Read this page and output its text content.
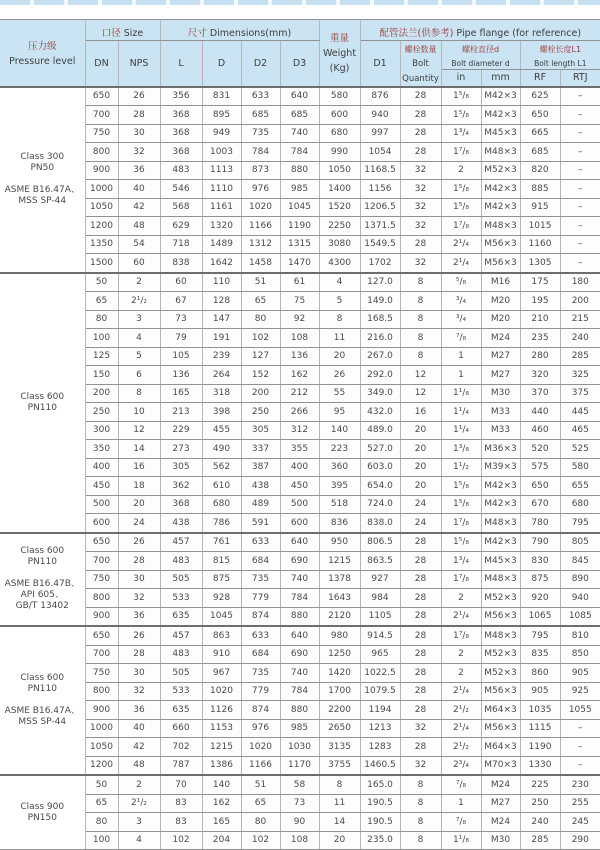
压力级
Pressure level
	口径 Size	尺寸 Dimensions(mm)	
重量
Weight
(Kg)
	配管法兰(供参考) Pipe flange (for reference)
DN	NPS	L	D	D2	D3	D1	
螺栓数量
Bolt
Quantity

螺栓直径d
Bolt diameter d

螺栓长度L1
Bolt length L1

										in	mm	RF	RTJ

Class 300
PN50

ASME B16.47A、
MSS SP-44	650	26	356	831	633	640	580	876	28	1⁵/₈	M42×3	625	–
	700	28	368	895	685	685	600	940	28	1⁵/₈	M42×3	650	–
	750	30	368	949	735	740	680	997	28	1³/₄	M45×3	665	–
	800	32	368	1003	784	784	990	1054	28	1⁷/₈	M48×3	685	–
	900	36	483	1113	873	880	1050	1168.5	32	2	M52×3	820	–
	1000	40	546	1110	976	985	1400	1156	32	1⁵/₈	M42×3	885	–
	1050	42	568	1161	1020	1045	1520	1206.5	32	1⁵/₈	M42×3	915	–
	1200	48	629	1320	1166	1190	2250	1371.5	32	1⁷/₈	M48×3	1015	–
	1350	54	718	1489	1312	1315	3080	1549.5	28	2¹/₄	M56×3	1160	–
	1500	60	838	1642	1458	1470	4300	1702	32	2¹/₄	M56×3	1305	–

Class 600
PN110	50	2	60	110	51	61	4	127.0	8	⁵/₈	M16	175	180
	65	2¹/₂	67	128	65	75	5	149.0	8	³/₄	M20	195	200
	80	3	73	147	80	92	8	168.5	8	³/₄	M20	210	215
	100	4	79	191	102	108	11	216.0	8	⁷/₈	M24	235	240
	125	5	105	239	127	136	20	267.0	8	1	M27	280	285
	150	6	136	264	152	162	26	292.0	12	1	M27	320	325
	200	8	165	318	200	212	55	349.0	12	1¹/₈	M30	370	375
	250	10	213	398	250	266	95	432.0	16	1¹/₄	M33	440	445
	300	12	229	455	305	312	140	489.0	20	1¹/₄	M33	460	465
	350	14	273	490	337	355	223	527.0	20	1³/₈	M36×3	520	525
	400	16	305	562	387	400	360	603.0	20	1¹/₂	M39×3	575	580
	450	18	362	610	438	450	395	654.0	20	1⁵/₈	M42×3	650	655
	500	20	368	680	489	500	518	724.0	24	1⁵/₈	M42×3	670	680
	600	24	438	786	591	600	836	838.0	24	1⁷/₈	M48×3	780	795

Class 600
PN110

ASME B16.47B、
API 605、
GB/T 13402	650	26	457	761	633	640	950	806.5	28	1⁵/₈	M42×3	790	805
	700	28	483	815	684	690	1215	863.5	28	1³/₄	M45×3	830	845
	750	30	505	875	735	740	1378	927	28	1⁷/₈	M48×3	875	890
	800	32	533	928	779	784	1643	984	28	2	M52×3	920	940
	900	36	635	1045	874	880	2120	1105	28	2¹/₄	M56×3	1065	1085

Class 600
PN110

ASME B16.47A、
MSS SP-44	650	26	457	863	633	640	980	914.5	28	1⁷/₈	M48×3	795	810
	700	28	483	910	684	690	1250	965	28	2	M52×3	835	850
	750	30	505	967	735	740	1420	1022.5	28	2	M52×3	860	905
	800	32	533	1020	779	784	1700	1079.5	28	2¹/₄	M56×3	905	925
	900	36	635	1126	874	880	2200	1194	28	2¹/₂	M64×3	1035	1055
	1000	40	660	1153	976	985	2650	1213	32	2¹/₄	M56×3	1115	–
	1050	42	702	1215	1020	1030	3135	1283	28	2¹/₂	M64×3	1190	–
	1200	48	787	1386	1166	1170	3755	1460.5	32	2³/₄	M70×3	1330	–

Class 900
PN150	50	2	70	140	51	58	8	165.0	8	⁷/₈	M24	225	230
	65	2¹/₂	83	162	65	73	11	190.5	8	1	M27	250	255
	80	3	83	165	80	90	14	190.5	8	⁷/₈	M24	240	245
	100	4	102	204	102	108	20	235.0	8	1¹/₈	M30	285	290
